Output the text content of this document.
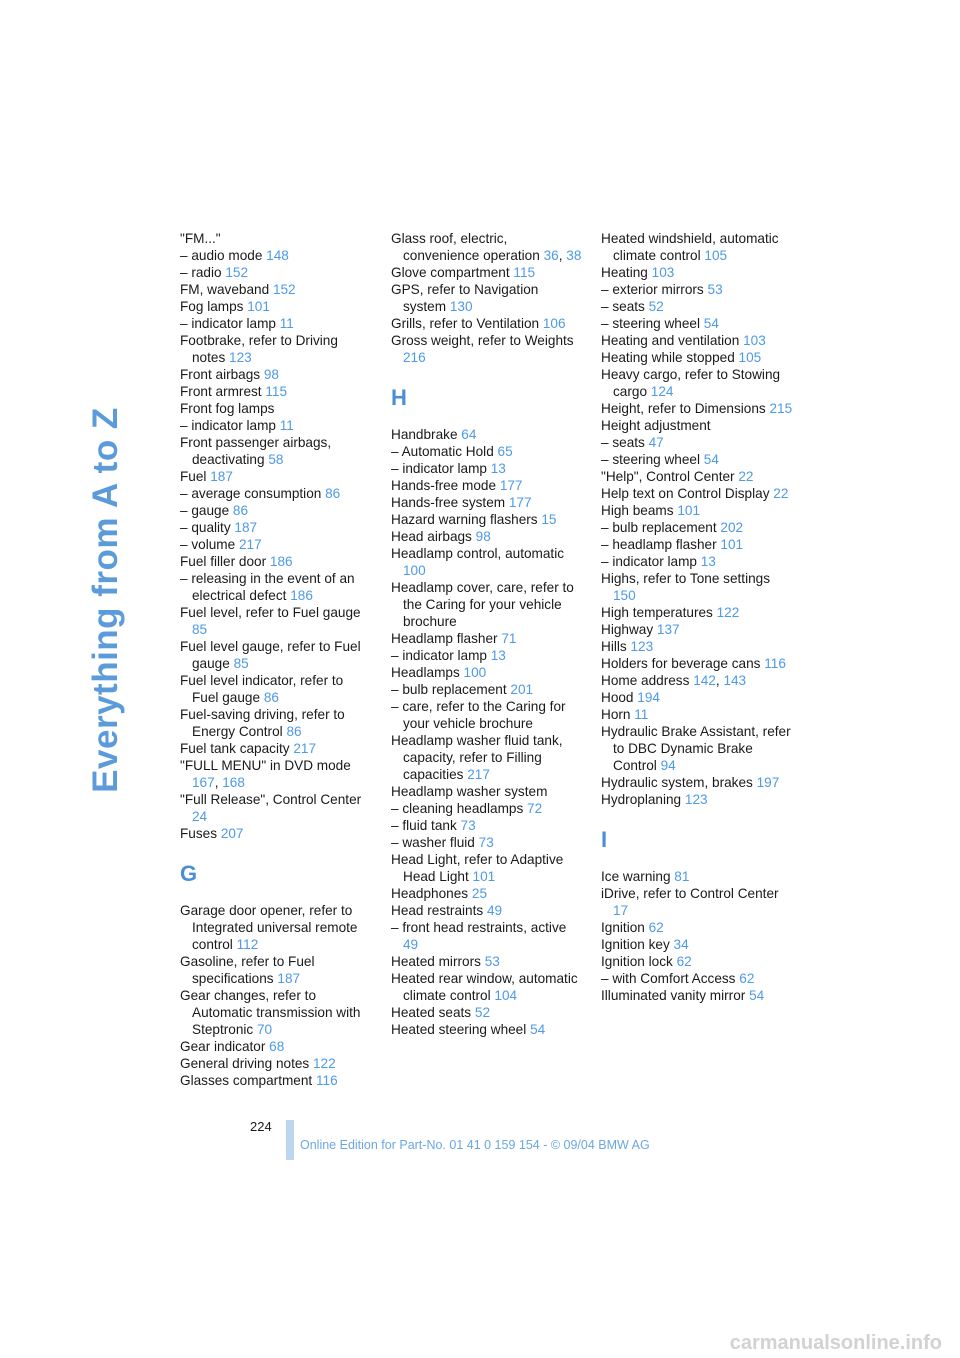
Everything from A to Z

"FM..."

– audio mode 148

– radio 152

FM, waveband 152

Fog lamps 101

– indicator lamp 11

Footbrake, refer to Driving notes 123

Front airbags 98

Front armrest 115

Front fog lamps

– indicator lamp 11

Front passenger airbags, deactivating 58

Fuel 187

– average consumption 86

– gauge 86

– quality 187

– volume 217

Fuel filler door 186

– releasing in the event of an electrical defect 186

Fuel level, refer to Fuel gauge 85

Fuel level gauge, refer to Fuel gauge 85

Fuel level indicator, refer to Fuel gauge 86

Fuel-saving driving, refer to Energy Control 86

Fuel tank capacity 217

"FULL MENU" in DVD mode 167, 168

"Full Release", Control Center 24

Fuses 207

G

Garage door opener, refer to Integrated universal remote control 112

Gasoline, refer to Fuel specifications 187

Gear changes, refer to Automatic transmission with Steptronic 70

Gear indicator 68

General driving notes 122

Glasses compartment 116

Glass roof, electric, convenience operation 36, 38

Glove compartment 115

GPS, refer to Navigation system 130

Grills, refer to Ventilation 106

Gross weight, refer to Weights 216

H

Handbrake 64

– Automatic Hold 65

– indicator lamp 13

Hands-free mode 177

Hands-free system 177

Hazard warning flashers 15

Head airbags 98

Headlamp control, automatic 100

Headlamp cover, care, refer to the Caring for your vehicle brochure

Headlamp flasher 71

– indicator lamp 13

Headlamps 100

– bulb replacement 201

– care, refer to the Caring for your vehicle brochure

Headlamp washer fluid tank, capacity, refer to Filling capacities 217

Headlamp washer system

– cleaning headlamps 72

– fluid tank 73

– washer fluid 73

Head Light, refer to Adaptive Head Light 101

Headphones 25

Head restraints 49

– front head restraints, active 49

Heated mirrors 53

Heated rear window, automatic climate control 104

Heated seats 52

Heated steering wheel 54

Heated windshield, automatic climate control 105

Heating 103

– exterior mirrors 53

– seats 52

– steering wheel 54

Heating and ventilation 103

Heating while stopped 105

Heavy cargo, refer to Stowing cargo 124

Height, refer to Dimensions 215

Height adjustment

– seats 47

– steering wheel 54

"Help", Control Center 22

Help text on Control Display 22

High beams 101

– bulb replacement 202

– headlamp flasher 101

– indicator lamp 13

Highs, refer to Tone settings 150

High temperatures 122

Highway 137

Hills 123

Holders for beverage cans 116

Home address 142, 143

Hood 194

Horn 11

Hydraulic Brake Assistant, refer to DBC Dynamic Brake Control 94

Hydraulic system, brakes 197

Hydroplaning 123

I

Ice warning 81

iDrive, refer to Control Center 17

Ignition 62

Ignition key 34

Ignition lock 62

– with Comfort Access 62

Illuminated vanity mirror 54

224
Online Edition for Part-No. 01 41 0 159 154 - © 09/04 BMW AG
carmanualsonline.info
